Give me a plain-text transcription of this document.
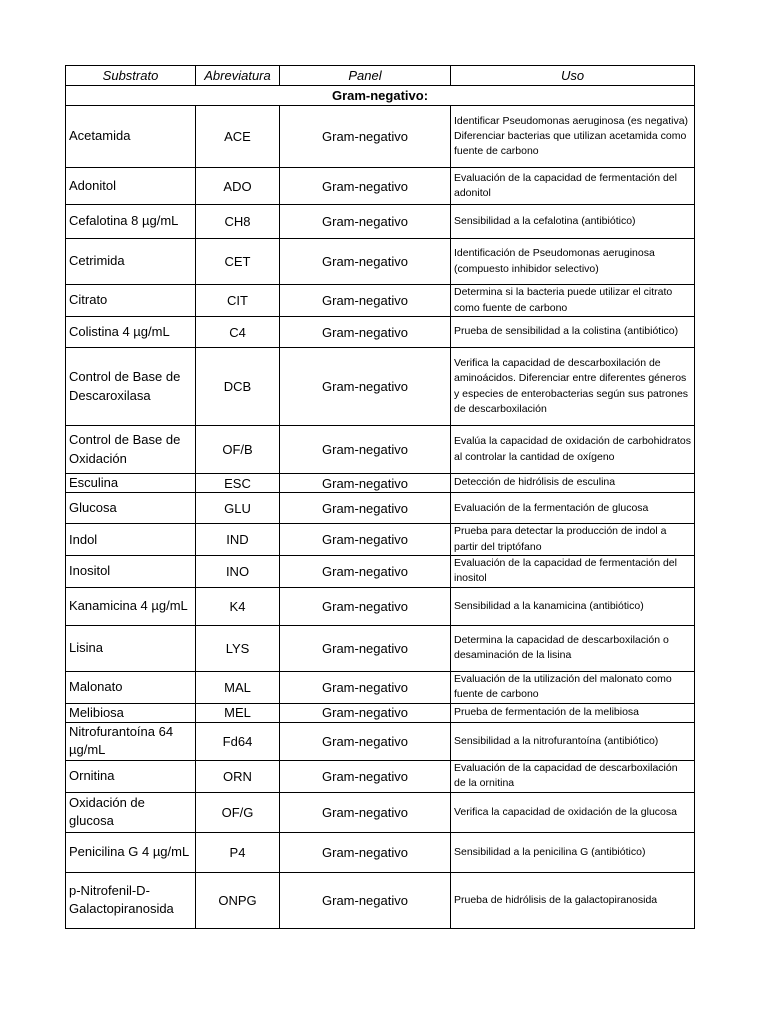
Substrato	Abreviatura	Panel	Uso
Gram-negativo:			
Acetamida	ACE	Gram-negativo	Identificar Pseudomonas aeruginosa (es negativa) Diferenciar bacterias que utilizan acetamida como fuente de carbono
Adonitol	ADO	Gram-negativo	Evaluación de la capacidad de fermentación del adonitol
Cefalotina 8 µg/mL	CH8	Gram-negativo	Sensibilidad a la cefalotina (antibiótico)
Cetrimida	CET	Gram-negativo	Identificación de Pseudomonas aeruginosa (compuesto inhibidor selectivo)
Citrato	CIT	Gram-negativo	Determina si la bacteria puede utilizar el citrato como fuente de carbono
Colistina 4 µg/mL	C4	Gram-negativo	Prueba de sensibilidad a la colistina (antibiótico)
Control de Base de Descaroxilasa	DCB	Gram-negativo	Verifica la capacidad de descarboxilación de aminoácidos. Diferenciar entre diferentes géneros y especies de enterobacterias según sus patrones de descarboxilación
Control de Base de Oxidación	OF/B	Gram-negativo	Evalúa la capacidad de oxidación de carbohidratos al controlar la cantidad de oxígeno
Esculina	ESC	Gram-negativo	Detección de hidrólisis de esculina
Glucosa	GLU	Gram-negativo	Evaluación de la fermentación de glucosa
Indol	IND	Gram-negativo	Prueba para detectar la producción de indol a partir del triptófano
Inositol	INO	Gram-negativo	Evaluación de la capacidad de fermentación del inositol
Kanamicina 4 µg/mL	K4	Gram-negativo	Sensibilidad a la kanamicina (antibiótico)
Lisina	LYS	Gram-negativo	Determina la capacidad de descarboxilación o desaminación de la lisina
Malonato	MAL	Gram-negativo	Evaluación de la utilización del malonato como fuente de carbono
Melibiosa	MEL	Gram-negativo	Prueba de fermentación de la melibiosa
Nitrofurantoína 64 µg/mL	Fd64	Gram-negativo	Sensibilidad a la nitrofurantoína (antibiótico)
Ornitina	ORN	Gram-negativo	Evaluación de la capacidad de descarboxilación de la ornitina
Oxidación de glucosa	OF/G	Gram-negativo	Verifica la capacidad de oxidación de la glucosa
Penicilina G 4 µg/mL	P4	Gram-negativo	Sensibilidad a la penicilina G (antibiótico)
p-Nitrofenil-D-Galactopiranosida	ONPG	Gram-negativo	Prueba de hidrólisis de la galactopiranosida
